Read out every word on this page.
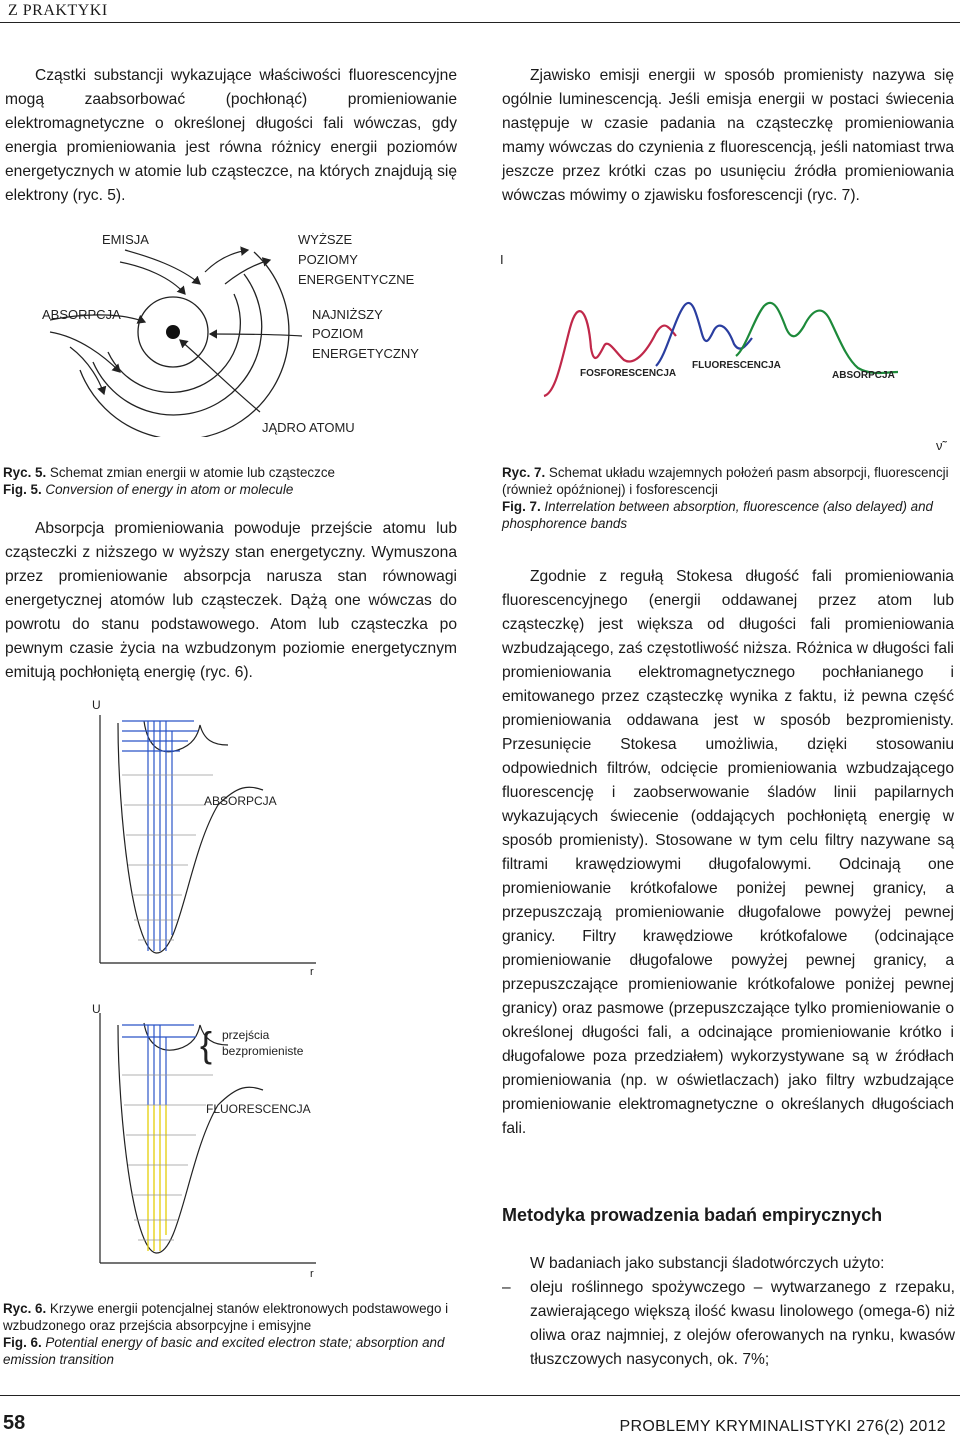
Z PRAKTYKI

Cząstki substancji wykazujące właściwości fluorescencyjne mogą zaabsorbować (pochłonąć) promieniowanie elektromagnetyczne o określonej długości fali wówczas, gdy energia promieniowania jest równa różnicy energii poziomów energetycznych w atomie lub cząsteczce, na których znajdują się elektrony (ryc. 5).

EMISJA	WYŻSZE
POZIOMY
ENERGENTYCZNE
ABSORPCJA	NAJNIŻSZY
POZIOM
ENERGETYCZNY
JĄDRO ATOMU
Ryc. 5. Schemat zmian energii w atomie lub cząsteczce
Fig. 5. Conversion of energy in atom or molecule

Absorpcja promieniowania powoduje przejście atomu lub cząsteczki z niższego w wyższy stan energetyczny. Wymuszona przez promieniowanie absorpcja narusza stan równowagi energetycznej atomów lub cząsteczek. Dążą one wówczas do powrotu do stanu podstawowego. Atom lub cząsteczka po pewnym czasie życia na wzbudzonym poziomie energetycznym emitują pochłoniętą energię (ryc. 6).

U
r
ABSORPCJA
U
r
{ przejścia
bezpromieniste
FLUORESCENCJA
Ryc. 6. Krzywe energii potencjalnej stanów elektronowych podstawowego i wzbudzonego oraz przejścia absorpcyjne i emisyjne
Fig. 6. Potential energy of basic and excited electron state; absorption and emission transition

Zjawisko emisji energii w sposób promienisty nazywa się ogólnie luminescencją. Jeśli emisja energii w postaci świecenia następuje w czasie padania na cząsteczkę promieniowania mamy wówczas do czynienia z fluorescencją, jeśli natomiast trwa jeszcze przez krótki czas po usunięciu źródła promieniowania wówczas mówimy o zjawisku fosforescencji (ryc. 7).

I
ν̃
FOSFORESCENCJA
FLUORESCENCJA
ABSORPCJA
Ryc. 7. Schemat układu wzajemnych położeń pasm absorpcji, fluorescencji (również opóźnionej) i fosforescencji
Fig. 7. Interrelation between absorption, fluorescence (also delayed) and phosphorence bands

Zgodnie z regułą Stokesa długość fali promieniowania fluorescencyjnego (energii oddawanej przez atom lub cząsteczkę) jest większa od długości fali promieniowania wzbudzającego, zaś częstotliwość niższa. Różnica w długości fali promieniowania elektromagnetycznego pochłanianego i emitowanego przez cząsteczkę wynika z faktu, iż pewna część promieniowania oddawana jest w sposób bezpromienisty. Przesunięcie Stokesa umożliwia, dzięki stosowaniu odpowiednich filtrów, odcięcie promieniowania wzbudzającego fluorescencję i zaobserwowanie śladów linii papilarnych wykazujących świecenie (oddających pochłoniętą energię w sposób promienisty). Stosowane w tym celu filtry nazywane są filtrami krawędziowymi długofalowymi. Odcinają one promieniowanie krótkofalowe poniżej pewnej granicy, a przepuszczają promieniowanie długofalowe powyżej pewnej granicy. Filtry krawędziowe krótkofalowe (odcinające promieniowanie długofalowe powyżej pewnej granicy, a przepuszczające promieniowanie krótkofalowe poniżej pewnej granicy) oraz pasmowe (przepuszczające tylko promieniowanie o określonej długości fali, a odcinające promieniowanie krótko i długofalowe poza przedziałem) wykorzystywane są w źródłach promieniowania (np. w oświetlaczach) jako filtry wzbudzające promieniowanie elektromagnetyczne o określanych długościach fali.

Metodyka prowadzenia badań empirycznych
W badaniach jako substancji śladotwórczych użyto:
– oleju roślinnego spożywczego – wytwarzanego z rzepaku, zawierającego większą ilość kwasu linolowego (omega-6) niż oliwa oraz najmniej, z olejów oferowanych na rynku, kwasów tłuszczowych nasyconych, ok. 7%;
58	PROBLEMY KRYMINALISTYKI 276(2) 2012
